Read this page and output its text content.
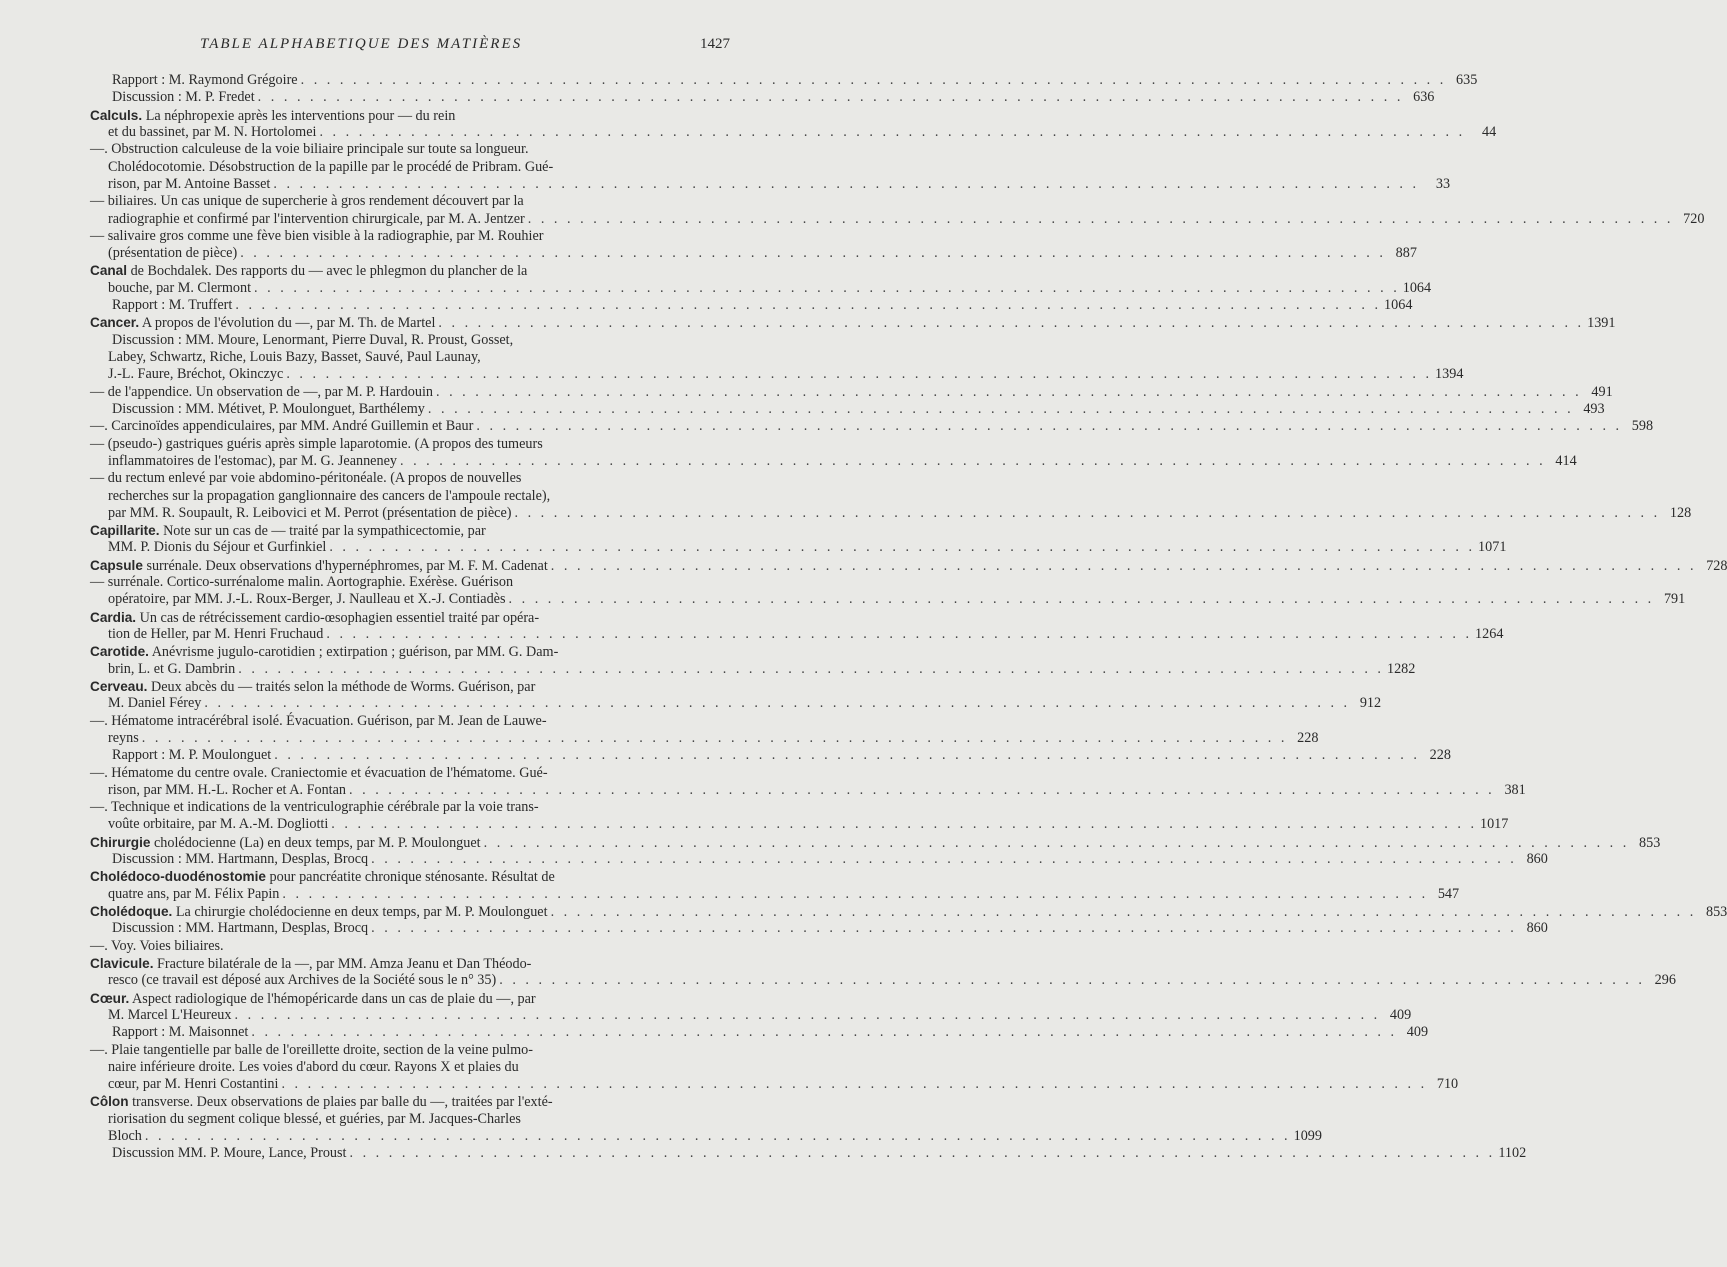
TABLE ALPHABETIQUE DES MATIÈRES	1427
Rapport : M. Raymond Grégoire . . .	635
Discussion : M. P. Fredet . . .	636
Calculs. La néphropexie après les interventions pour — du rein
et du bassinet, par M. N. Hortolomei . . .	44
—. Obstruction calculeuse de la voie biliaire principale sur toute sa longueur.
Cholédocotomie. Désobstruction de la papille par le procédé de Pribram. Gué-
rison, par M. Antoine Basset . . .	33
— biliaires. Un cas unique de supercherie à gros rendement découvert par la
radiographie et confirmé par l'intervention chirurgicale, par M. A. Jentzer . . .	720
— salivaire gros comme une fève bien visible à la radiographie, par M. Rouhier
(présentation de pièce) . . .	887
Canal de Bochdalek. Des rapports du — avec le phlegmon du plancher de la
bouche, par M. Clermont . . .	1064
Rapport : M. Truffert . . .	1064
Cancer. A propos de l'évolution du —, par M. Th. de Martel . . .	1391
Discussion : MM. Moure, Lenormant, Pierre Duval, R. Proust, Gosset,
Labey, Schwartz, Riche, Louis Bazy, Basset, Sauvé, Paul Launay,
J.-L. Faure, Bréchot, Okinczyc . . .	1394
— de l'appendice. Un observation de —, par M. P. Hardouin . . .	491
Discussion : MM. Métivet, P. Moulonguet, Barthélemy . . .	493
—. Carcinoïdes appendiculaires, par MM. André Guillemin et Baur . . .	598
— (pseudo-) gastriques guéris après simple laparotomie. (A propos des tumeurs
inflammatoires de l'estomac), par M. G. Jeanneney . . .	414
— du rectum enlevé par voie abdomino-péritonéale. (A propos de nouvelles
recherches sur la propagation ganglionnaire des cancers de l'ampoule rectale),
par MM. R. Soupault, R. Leibovici et M. Perrot (présentation de pièce) . . .	128
Capillarite. Note sur un cas de — traité par la sympathicectomie, par
MM. P. Dionis du Séjour et Gurfinkiel . . .	1071
Capsule surrénale. Deux observations d'hypernéphromes, par M. F. M. Cadenat . . .	728
— surrénale. Cortico-surrénalome malin. Aortographie. Exérèse. Guérison
opératoire, par MM. J.-L. Roux-Berger, J. Naulleau et X.-J. Contiadès . . .	791
Cardia. Un cas de rétrécissement cardio-œsophagien essentiel traité par opéra-
tion de Heller, par M. Henri Fruchaud . . .	1264
Carotide. Anévrisme jugulo-carotidien ; extirpation ; guérison, par MM. G. Dam-
brin, L. et G. Dambrin . . .	1282
Cerveau. Deux abcès du — traités selon la méthode de Worms. Guérison, par
M. Daniel Férey . . .	912
—. Hématome intracérébral isolé. Évacuation. Guérison, par M. Jean de Lauwe-
reyns . . .	228
Rapport : M. P. Moulonguet . . .	228
—. Hématome du centre ovale. Craniectomie et évacuation de l'hématome. Gué-
rison, par MM. H.-L. Rocher et A. Fontan . . .	381
—. Technique et indications de la ventriculographie cérébrale par la voie trans-
voûte orbitaire, par M. A.-M. Dogliotti . . .	1017
Chirurgie cholédocienne (La) en deux temps, par M. P. Moulonguet . . .	853
Discussion : MM. Hartmann, Desplas, Brocq . . .	860
Cholédoco-duodénostomie pour pancréatite chronique sténosante. Résultat de
quatre ans, par M. Félix Papin . . .	547
Cholédoque. La chirurgie cholédocienne en deux temps, par M. P. Moulonguet . . .	853
Discussion : MM. Hartmann, Desplas, Brocq . . .	860
—. Voy. Voies biliaires.
Clavicule. Fracture bilatérale de la —, par MM. Amza Jeanu et Dan Théodo-
resco (ce travail est déposé aux Archives de la Société sous le n° 35) . . .	296
Cœur. Aspect radiologique de l'hémopéricarde dans un cas de plaie du —, par
M. Marcel L'Heureux . . .	409
Rapport : M. Maisonnet . . .	409
—. Plaie tangentielle par balle de l'oreillette droite, section de la veine pulmo-
naire inférieure droite. Les voies d'abord du cœur. Rayons X et plaies du
cœur, par M. Henri Costantini . . .	710
Côlon transverse. Deux observations de plaies par balle du —, traitées par l'exté-
riorisation du segment colique blessé, et guéries, par M. Jacques-Charles
Bloch . . .	1099
Discussion MM. P. Moure, Lance, Proust . . .	1102
